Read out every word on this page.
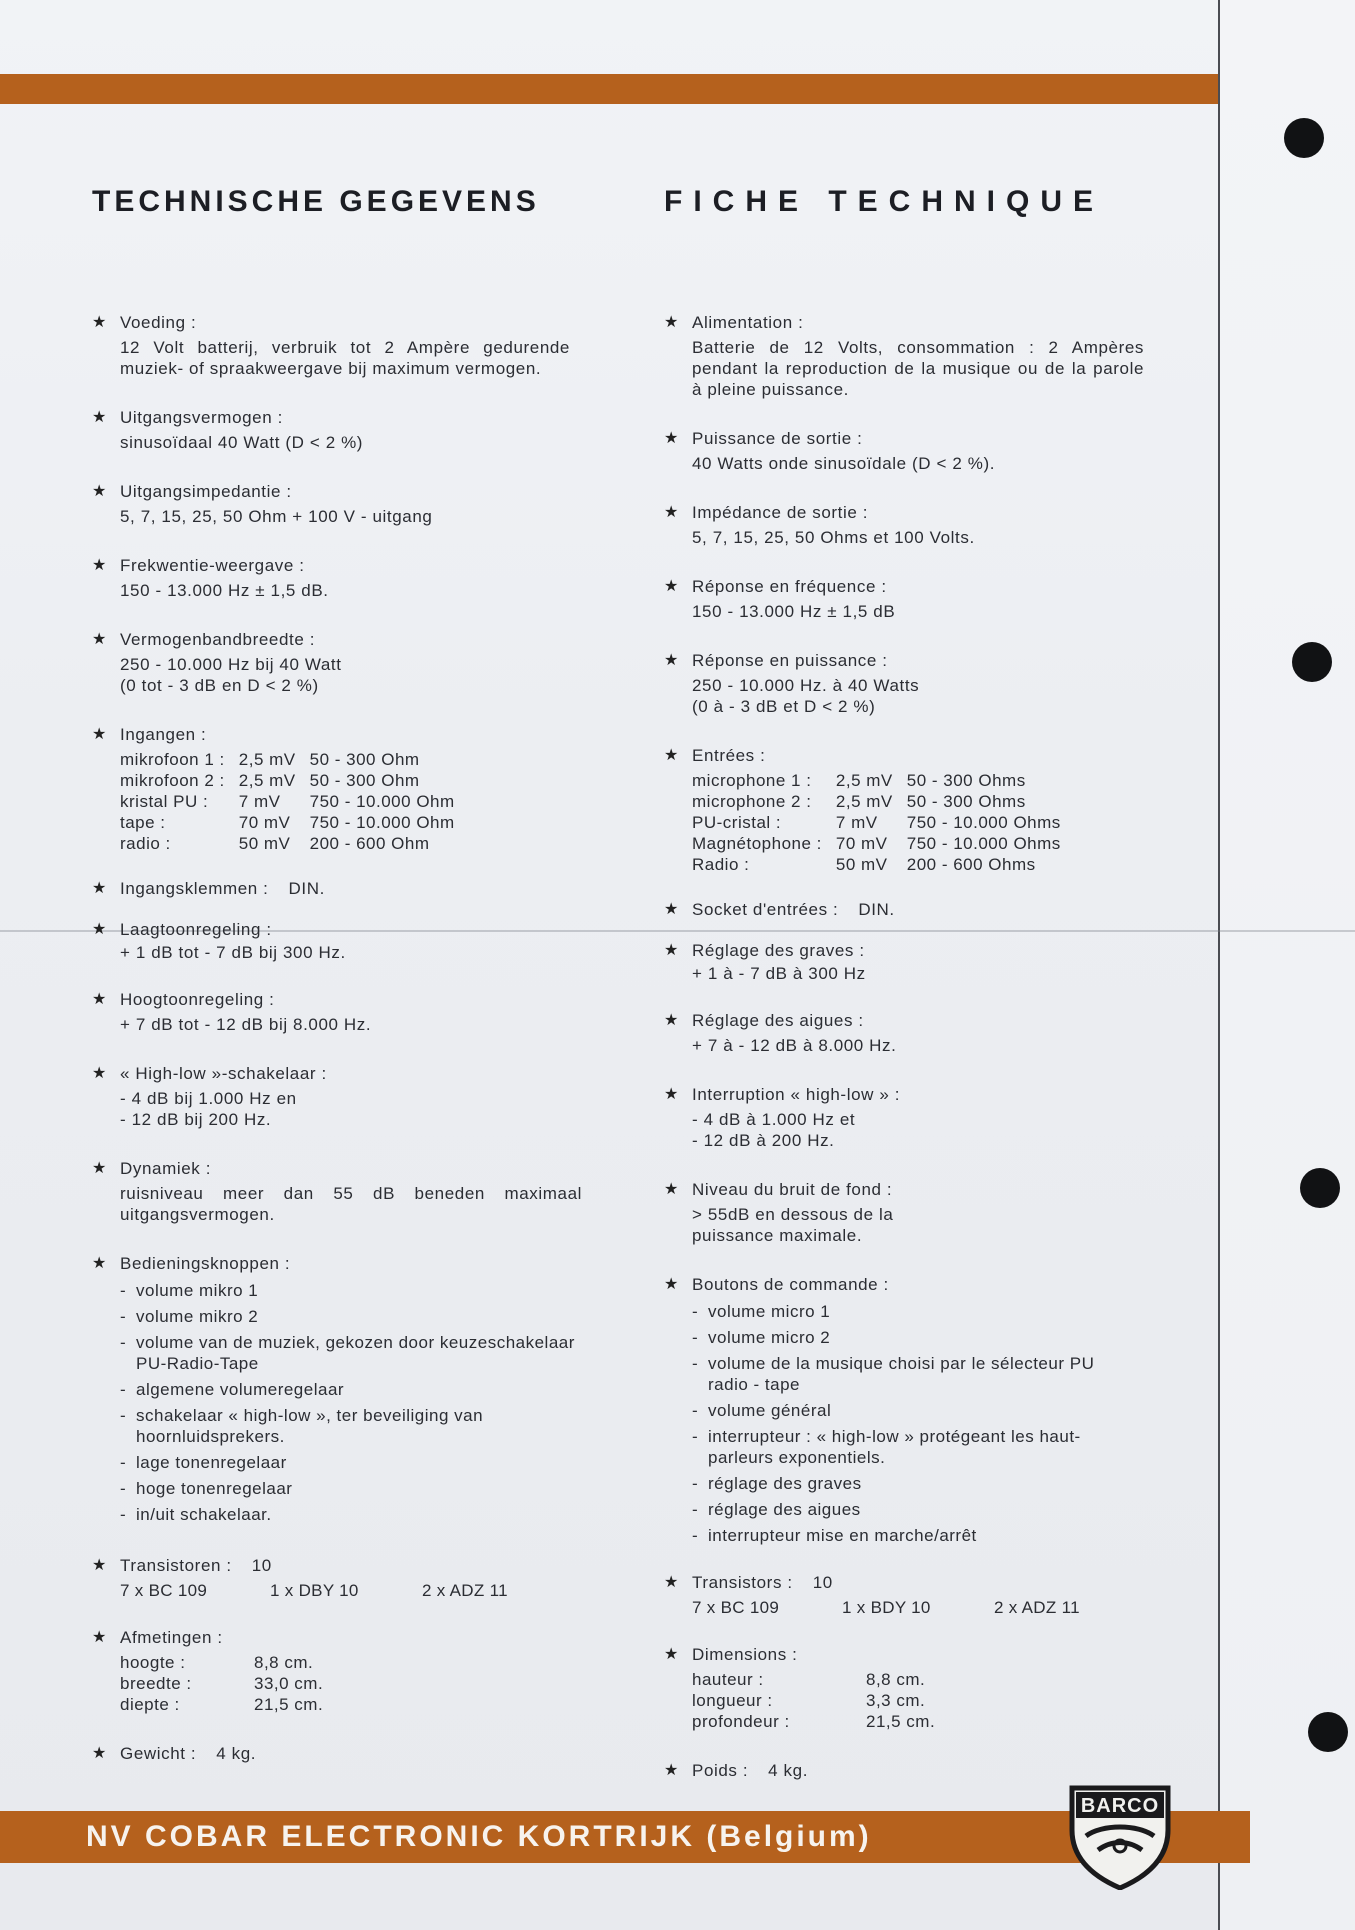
TECHNISCHE GEGEVENS	FICHE TECHNIQUE
★ Voeding :
12 Volt batterij, verbruik tot 2 Ampère gedurende muziek- of spraakweergave bij maximum vermogen.
★ Uitgangsvermogen :
sinusoïdaal 40 Watt (D < 2 %)
★ Uitgangsimpedantie :
5, 7, 15, 25, 50 Ohm + 100 V - uitgang
★ Frekwentie-weergave :
150 - 13.000 Hz ± 1,5 dB.
★ Vermogenbandbreedte :
250 - 10.000 Hz bij 40 Watt
(0 tot - 3 dB en D < 2 %)
★ Ingangen :
mikrofoon 1 :	2,5 mV	50 - 300 Ohm
mikrofoon 2 :	2,5 mV	50 - 300 Ohm
kristal PU :	7 mV	750 - 10.000 Ohm
tape :	70 mV	750 - 10.000 Ohm
radio :	50 mV	200 - 600 Ohm
★ Ingangsklemmen : DIN.
★ Laagtoonregeling :
+ 1 dB tot - 7 dB bij 300 Hz.
★ Hoogtoonregeling :
+ 7 dB tot - 12 dB bij 8.000 Hz.
★ « High-low »-schakelaar :
- 4 dB bij 1.000 Hz en
- 12 dB bij 200 Hz.
★ Dynamiek :
ruisniveau meer dan 55 dB beneden maximaal uitgangsvermogen.
★ Bedieningsknoppen :
- volume mikro 1
- volume mikro 2
- volume van de muziek, gekozen door keuzeschakelaar PU-Radio-Tape
- algemene volumeregelaar
- schakelaar « high-low », ter beveiliging van hoornluidsprekers.
- lage tonenregelaar
- hoge tonenregelaar
- in/uit schakelaar.
★ Transistoren : 10
7 x BC 109	1 x DBY 10	2 x ADZ 11
★ Afmetingen :
hoogte :	8,8 cm.
breedte :	33,0 cm.
diepte :	21,5 cm.
★ Gewicht : 4 kg.
★ Alimentation :
Batterie de 12 Volts, consommation : 2 Ampères pendant la reproduction de la musique ou de la parole à pleine puissance.
★ Puissance de sortie :
40 Watts onde sinusoïdale (D < 2 %).
★ Impédance de sortie :
5, 7, 15, 25, 50 Ohms et 100 Volts.
★ Réponse en fréquence :
150 - 13.000 Hz ± 1,5 dB
★ Réponse en puissance :
250 - 10.000 Hz. à 40 Watts
(0 à - 3 dB et D < 2 %)
★ Entrées :
microphone 1 :	2,5 mV	50 - 300 Ohms
microphone 2 :	2,5 mV	50 - 300 Ohms
PU-cristal :	7 mV	750 - 10.000 Ohms
Magnétophone :	70 mV	750 - 10.000 Ohms
Radio :	50 mV	200 - 600 Ohms
★ Socket d'entrées : DIN.
★ Réglage des graves :
+ 1 à - 7 dB à 300 Hz
★ Réglage des aigues :
+ 7 à - 12 dB à 8.000 Hz.
★ Interruption « high-low » :
- 4 dB à 1.000 Hz et
- 12 dB à 200 Hz.
★ Niveau du bruit de fond :
> 55dB en dessous de la
puissance maximale.
★ Boutons de commande :
- volume micro 1
- volume micro 2
- volume de la musique choisi par le sélecteur PU radio - tape
- volume général
- interrupteur : « high-low » protégeant les haut-parleurs exponentiels.
- réglage des graves
- réglage des aigues
- interrupteur mise en marche/arrêt
★ Transistors : 10
7 x BC 109	1 x BDY 10	2 x ADZ 11
★ Dimensions :
hauteur :	8,8 cm.
longueur :	3,3 cm.
profondeur :	21,5 cm.
★ Poids : 4 kg.
NV COBAR ELECTRONIC KORTRIJK (Belgium)
BARCO
